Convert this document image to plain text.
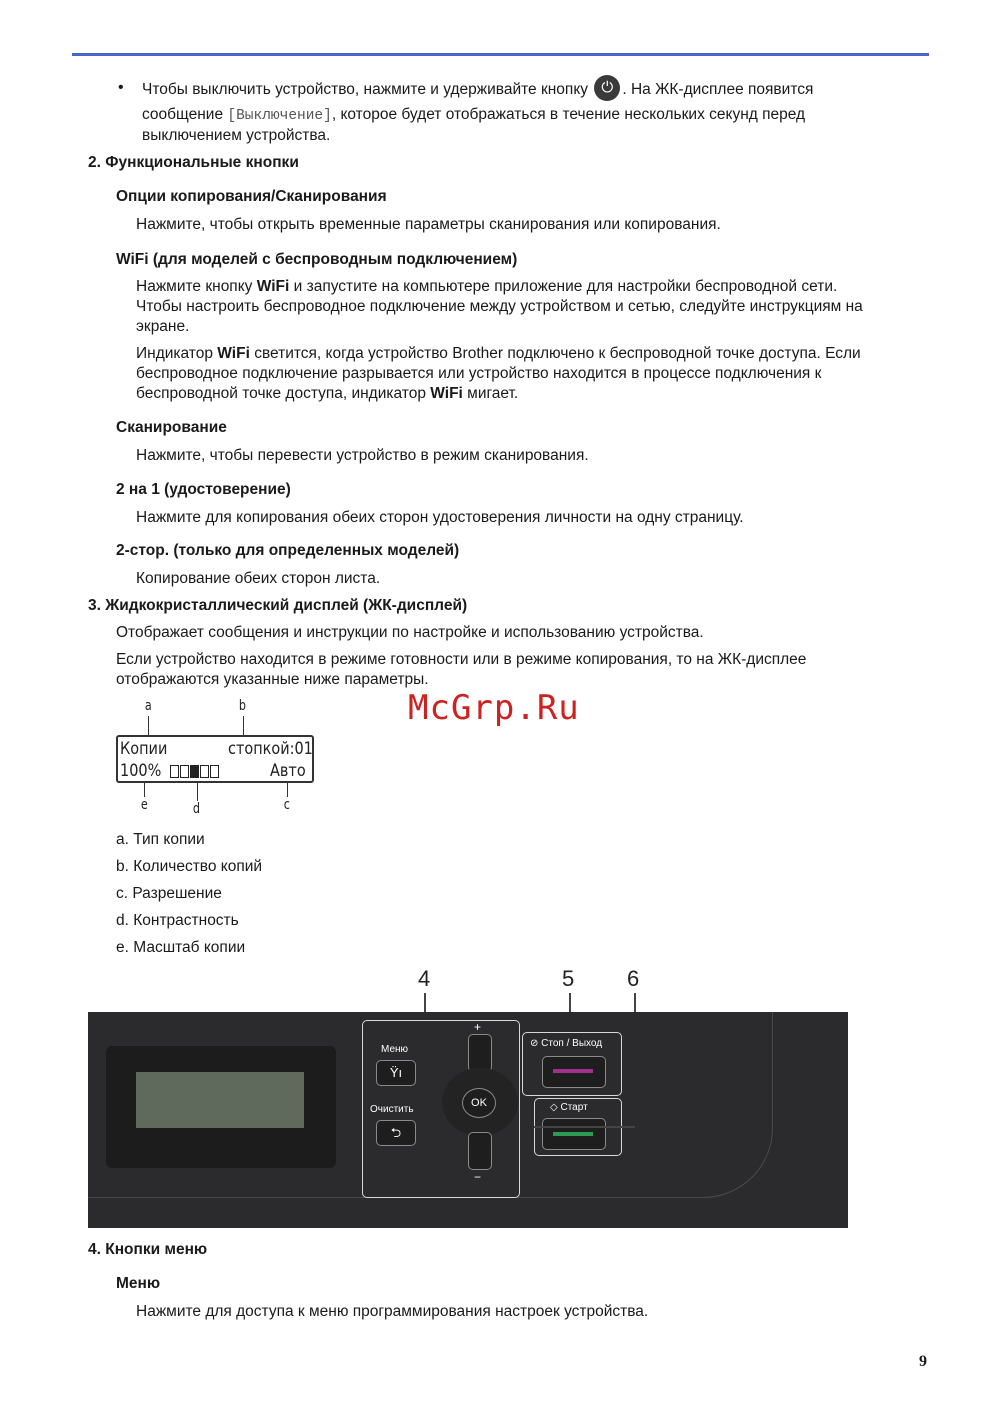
• Чтобы выключить устройство, нажмите и удерживайте кнопку ⏻ . На ЖК-дисплее появится
сообщение [Выключение], которое будет отображаться в течение нескольких секунд перед
выключением устройства.
2. Функциональные кнопки
Опции копирования/Сканирования
Нажмите, чтобы открыть временные параметры сканирования или копирования.
WiFi (для моделей с беспроводным подключением)
Нажмите кнопку WiFi и запустите на компьютере приложение для настройки беспроводной сети.
Чтобы настроить беспроводное подключение между устройством и сетью, следуйте инструкциям на
экране.
Индикатор WiFi светится, когда устройство Brother подключено к беспроводной точке доступа. Если
беспроводное подключение разрывается или устройство находится в процессе подключения к
беспроводной точке доступа, индикатор WiFi мигает.
Сканирование
Нажмите, чтобы перевести устройство в режим сканирования.
2 на 1 (удостоверение)
Нажмите для копирования обеих сторон удостоверения личности на одну страницу.
2-стор. (только для определенных моделей)
Копирование обеих сторон листа.
3. Жидкокристаллический дисплей (ЖК-дисплей)
Отображает сообщения и инструкции по настройке и использованию устройства.
Если устройство находится в режиме готовности или в режиме копирования, то на ЖК-дисплее
отображаются указанные ниже параметры.
McGrp.Ru
a	b
Копии	стопкой:01
100%	Авто
e	d	c
a. Тип копии
b. Количество копий
c. Разрешение
d. Контрастность
e. Масштаб копии
4	5 6
Меню
Ÿı
Очистить
⮌
+
OK
−
⊘ Стоп / Выход
◇ Старт
4. Кнопки меню
Меню
Нажмите для доступа к меню программирования настроек устройства.
9
